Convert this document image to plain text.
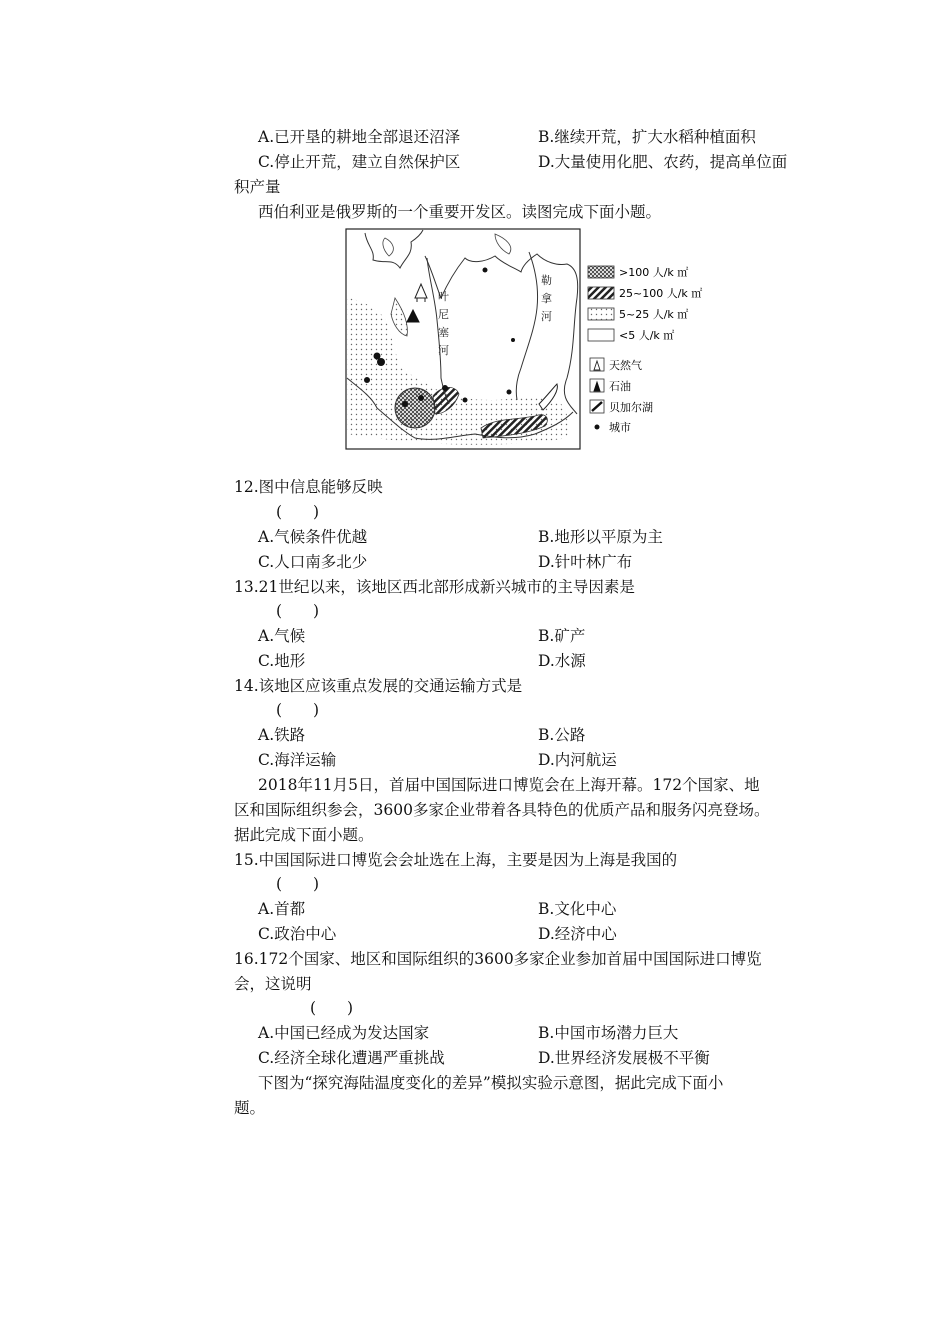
A.已开垦的耕地全部退还沼泽	B.继续开荒，扩大水稻种植面积
C.停止开荒，建立自然保护区	D.大量使用化肥、农药，提高单位面
积产量
西伯利亚是俄罗斯的一个重要开发区。读图完成下面小题。
叶
尼
塞
河
勒
拿
河
>100 人/k ㎡
25~100 人/k ㎡
5~25 人/k ㎡
<5 人/k ㎡
天然气
石油
贝加尔湖
城市
12.图中信息能够反映
(　　)
A.气候条件优越	B.地形以平原为主
C.人口南多北少	D.针叶林广布
13.21世纪以来，该地区西北部形成新兴城市的主导因素是
(　　)
A.气候	B.矿产
C.地形	D.水源
14.该地区应该重点发展的交通运输方式是
(　　)
A.铁路	B.公路
C.海洋运输	D.内河航运
2018年11月5日，首届中国国际进口博览会在上海开幕。172个国家、地
区和国际组织参会，3600多家企业带着各具特色的优质产品和服务闪亮登场。
据此完成下面小题。
15.中国国际进口博览会会址选在上海，主要是因为上海是我国的
(　　)
A.首都	B.文化中心
C.政治中心	D.经济中心
16.172个国家、地区和国际组织的3600多家企业参加首届中国国际进口博览
会，这说明
(　　)
A.中国已经成为发达国家	B.中国市场潜力巨大
C.经济全球化遭遇严重挑战	D.世界经济发展极不平衡
下图为“探究海陆温度变化的差异”模拟实验示意图，据此完成下面小
题。
